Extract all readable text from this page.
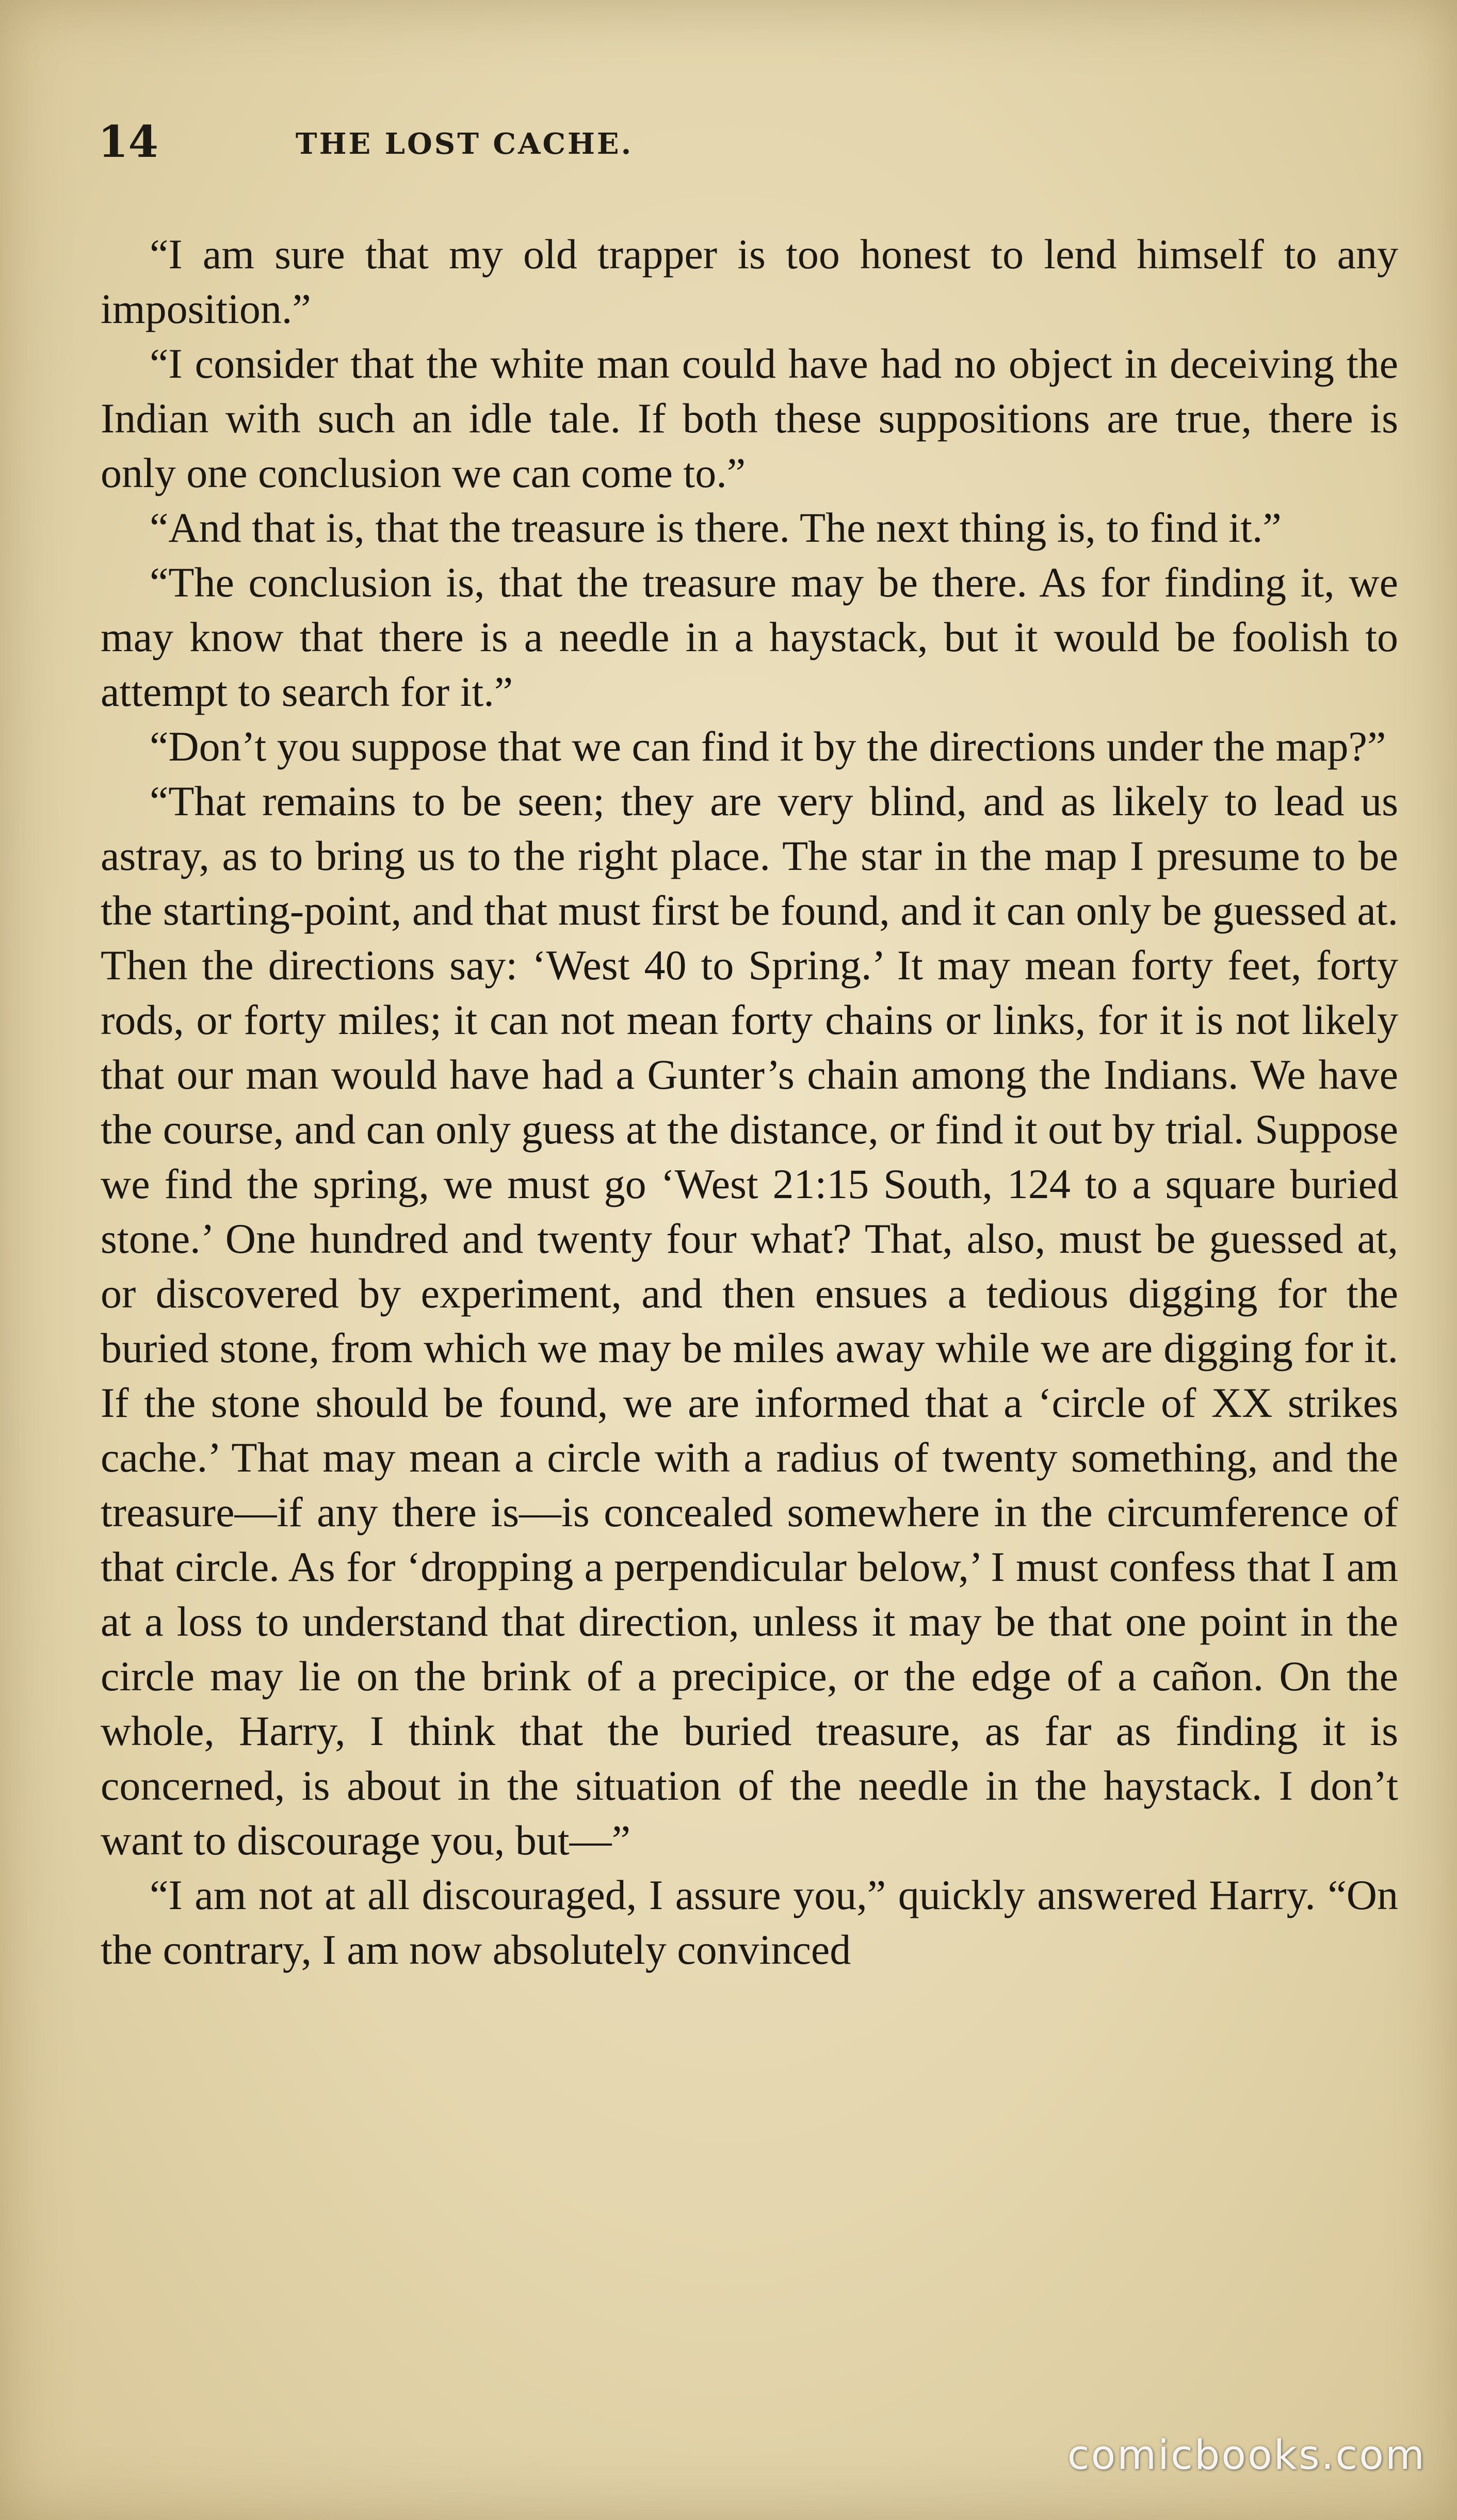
14	THE LOST CACHE.

“I am sure that my old trapper is too honest to lend himself to any imposition.”

“I consider that the white man could have had no object in deceiving the Indian with such an idle tale. If both these suppositions are true, there is only one conclusion we can come to.”

“And that is, that the treasure is there. The next thing is, to find it.”

“The conclusion is, that the treasure may be there. As for finding it, we may know that there is a needle in a haystack, but it would be foolish to attempt to search for it.”

“Don’t you suppose that we can find it by the directions under the map?”

“That remains to be seen; they are very blind, and as likely to lead us astray, as to bring us to the right place. The star in the map I presume to be the starting-point, and that must first be found, and it can only be guessed at. Then the directions say: ‘West 40 to Spring.’ It may mean forty feet, forty rods, or forty miles; it can not mean forty chains or links, for it is not likely that our man would have had a Gunter’s chain among the Indians. We have the course, and can only guess at the distance, or find it out by trial. Suppose we find the spring, we must go ‘West 21:15 South, 124 to a square buried stone.’ One hundred and twenty four what? That, also, must be guessed at, or discovered by experiment, and then ensues a tedious digging for the buried stone, from which we may be miles away while we are digging for it. If the stone should be found, we are informed that a ‘circle of XX strikes cache.’ That may mean a circle with a radius of twenty something, and the treasure—if any there is—is concealed somewhere in the circumference of that circle. As for ‘dropping a perpendicular below,’ I must confess that I am at a loss to understand that direction, unless it may be that one point in the circle may lie on the brink of a precipice, or the edge of a cañon. On the whole, Harry, I think that the buried treasure, as far as finding it is concerned, is about in the situation of the needle in the haystack. I don’t want to discourage you, but—”

“I am not at all discouraged, I assure you,” quickly answered Harry. “On the contrary, I am now absolutely convinced

comicbooks.com
